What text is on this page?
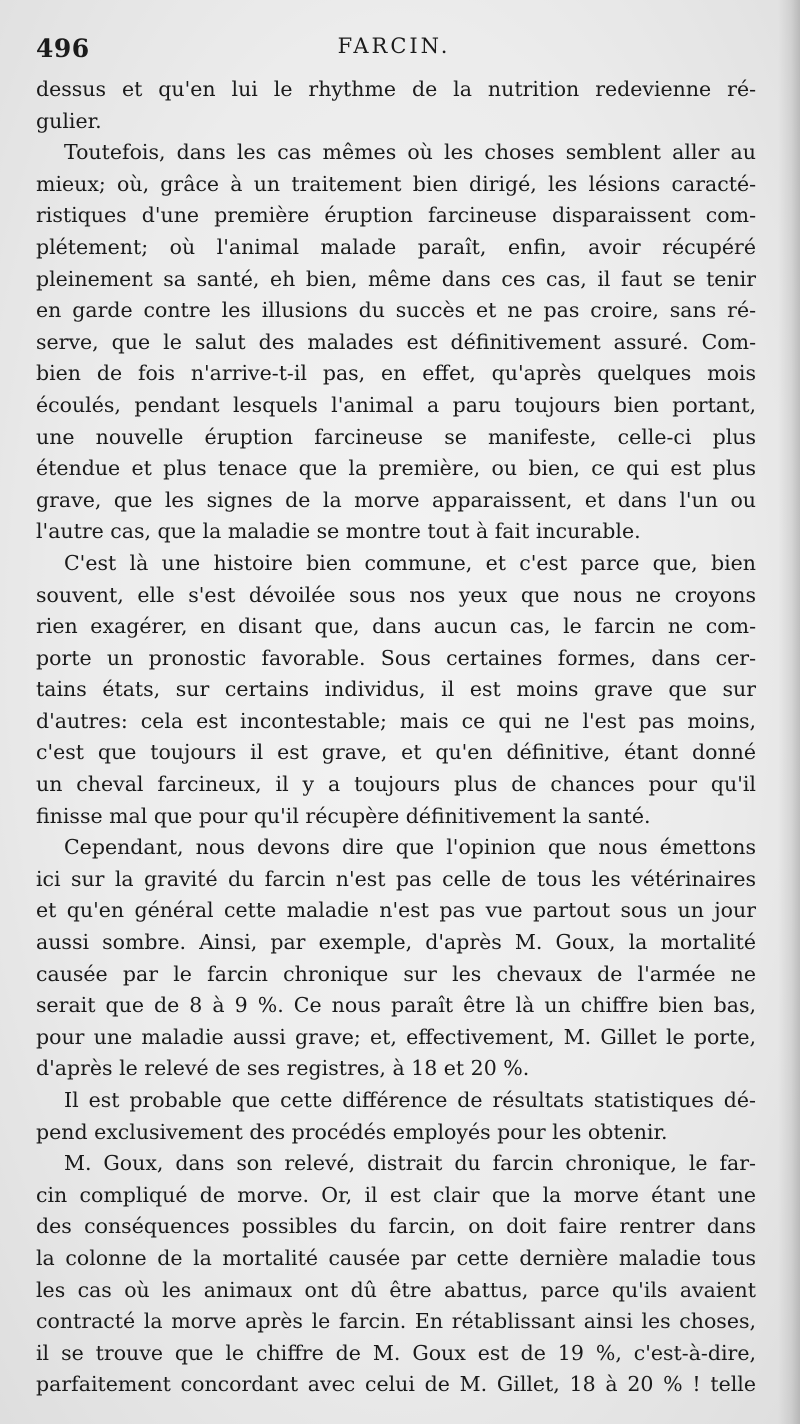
496	FARCIN.
dessus et qu'en lui le rhythme de la nutrition redevienne ré-
gulier.
Toutefois, dans les cas mêmes où les choses semblent aller au
mieux; où, grâce à un traitement bien dirigé, les lésions caracté-
ristiques d'une première éruption farcineuse disparaissent com-
plétement; où l'animal malade paraît, enfin, avoir récupéré
pleinement sa santé, eh bien, même dans ces cas, il faut se tenir
en garde contre les illusions du succès et ne pas croire, sans ré-
serve, que le salut des malades est définitivement assuré. Com-
bien de fois n'arrive-t-il pas, en effet, qu'après quelques mois
écoulés, pendant lesquels l'animal a paru toujours bien portant,
une nouvelle éruption farcineuse se manifeste, celle-ci plus
étendue et plus tenace que la première, ou bien, ce qui est plus
grave, que les signes de la morve apparaissent, et dans l'un ou
l'autre cas, que la maladie se montre tout à fait incurable.
C'est là une histoire bien commune, et c'est parce que, bien
souvent, elle s'est dévoilée sous nos yeux que nous ne croyons
rien exagérer, en disant que, dans aucun cas, le farcin ne com-
porte un pronostic favorable. Sous certaines formes, dans cer-
tains états, sur certains individus, il est moins grave que sur
d'autres: cela est incontestable; mais ce qui ne l'est pas moins,
c'est que toujours il est grave, et qu'en définitive, étant donné
un cheval farcineux, il y a toujours plus de chances pour qu'il
finisse mal que pour qu'il récupère définitivement la santé.
Cependant, nous devons dire que l'opinion que nous émettons
ici sur la gravité du farcin n'est pas celle de tous les vétérinaires
et qu'en général cette maladie n'est pas vue partout sous un jour
aussi sombre. Ainsi, par exemple, d'après M. Goux, la mortalité
causée par le farcin chronique sur les chevaux de l'armée ne
serait que de 8 à 9 %. Ce nous paraît être là un chiffre bien bas,
pour une maladie aussi grave; et, effectivement, M. Gillet le porte,
d'après le relevé de ses registres, à 18 et 20 %.
Il est probable que cette différence de résultats statistiques dé-
pend exclusivement des procédés employés pour les obtenir.
M. Goux, dans son relevé, distrait du farcin chronique, le far-
cin compliqué de morve. Or, il est clair que la morve étant une
des conséquences possibles du farcin, on doit faire rentrer dans
la colonne de la mortalité causée par cette dernière maladie tous
les cas où les animaux ont dû être abattus, parce qu'ils avaient
contracté la morve après le farcin. En rétablissant ainsi les choses,
il se trouve que le chiffre de M. Goux est de 19 %, c'est-à-dire,
parfaitement concordant avec celui de M. Gillet, 18 à 20 % ! telle
